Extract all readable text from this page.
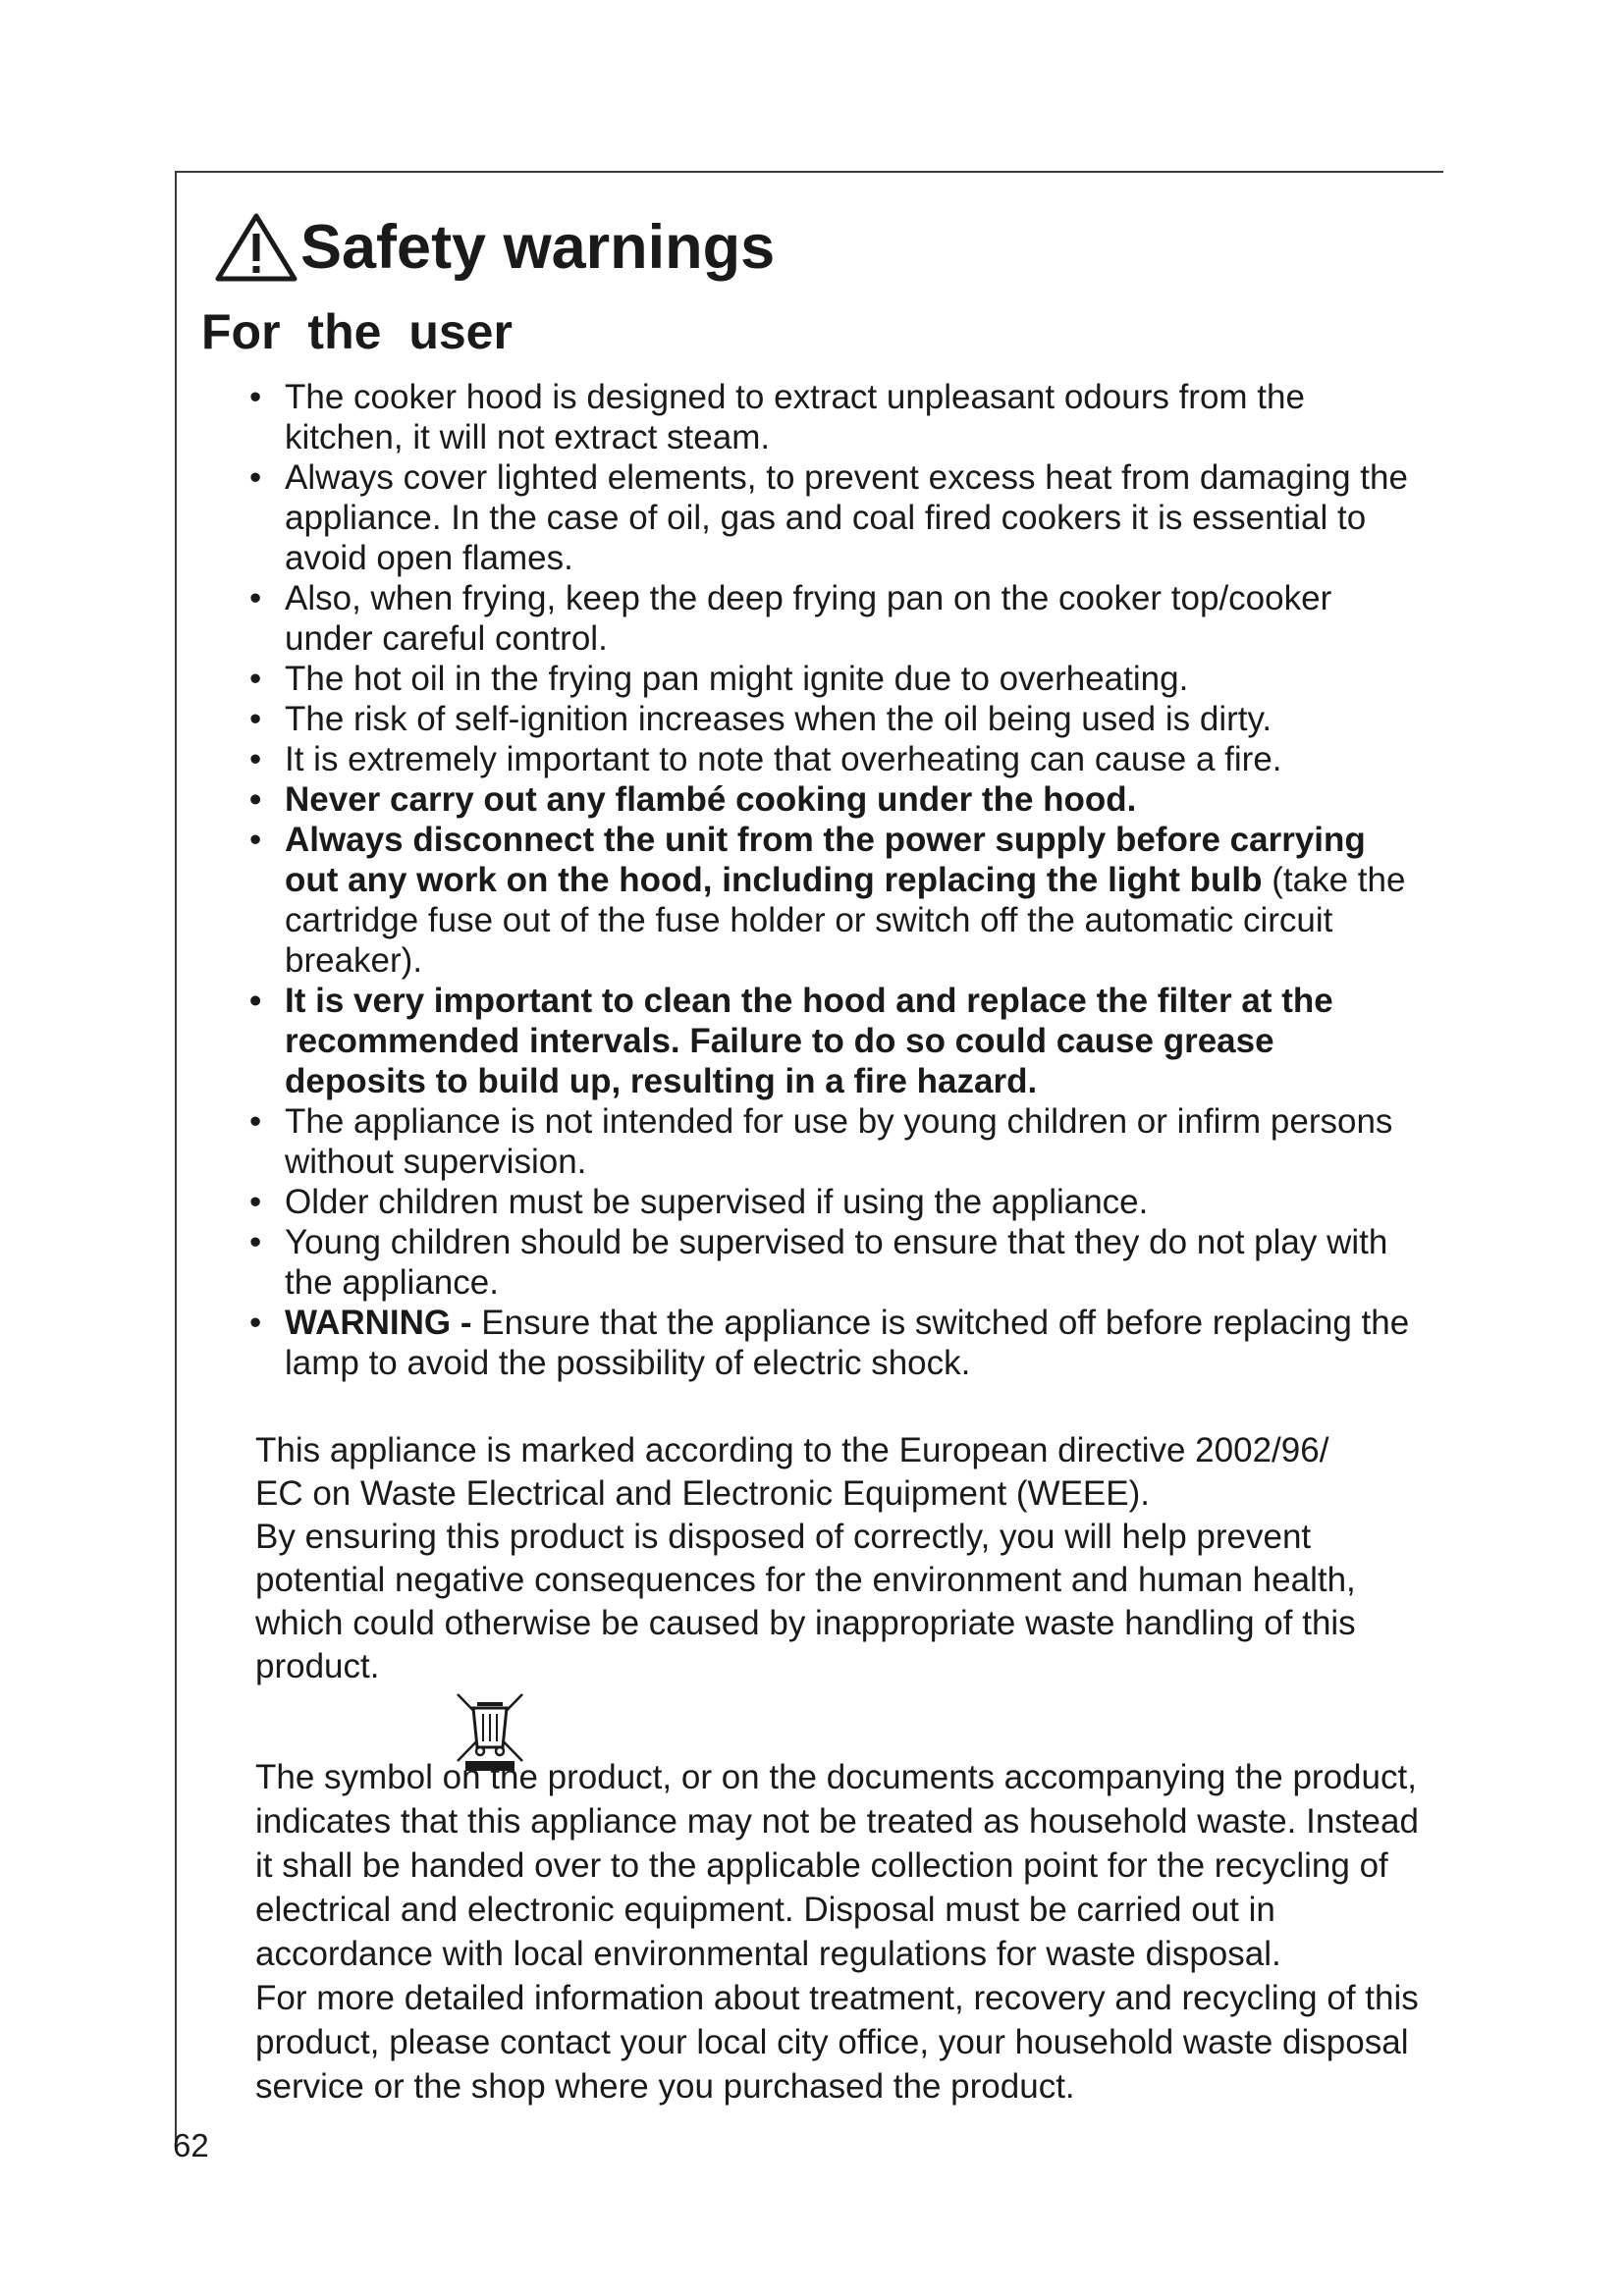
Safety warnings
For the user
• The cooker hood is designed to extract unpleasant odours from the kitchen, it will not extract steam.
• Always cover lighted elements, to prevent excess heat from damaging the appliance. In the case of oil, gas and coal fired cookers it is essential to avoid open flames.
• Also, when frying, keep the deep frying pan on the cooker top/cooker under careful control.
• The hot oil in the frying pan might ignite due to overheating.
• The risk of self-ignition increases when the oil being used is dirty.
• It is extremely important to note that overheating can cause a fire.
• Never carry out any flambé cooking under the hood.
• Always disconnect the unit from the power supply before carrying out any work on the hood, including replacing the light bulb (take the cartridge fuse out of the fuse holder or switch off the automatic circuit breaker).
• It is very important to clean the hood and replace the filter at the recommended intervals. Failure to do so could cause grease deposits to build up, resulting in a fire hazard.
• The appliance is not intended for use by young children or infirm persons without supervision.
• Older children must be supervised if using the appliance.
• Young children should be supervised to ensure that they do not play with the appliance.
• WARNING - Ensure that the appliance is switched off before replacing the lamp to avoid the possibility of electric shock.

This appliance is marked according to the European directive 2002/96/
EC on Waste Electrical and Electronic Equipment (WEEE).
By ensuring this product is disposed of correctly, you will help prevent potential negative consequences for the environment and human health, which could otherwise be caused by inappropriate waste handling of this product.

The symbol on the product, or on the documents accompanying the product, indicates that this appliance may not be treated as household waste. Instead it shall be handed over to the applicable collection point for the recycling of electrical and electronic equipment. Disposal must be carried out in accordance with local environmental regulations for waste disposal.
For more detailed information about treatment, recovery and recycling of this product, please contact your local city office, your household waste disposal service or the shop where you purchased the product.

62
